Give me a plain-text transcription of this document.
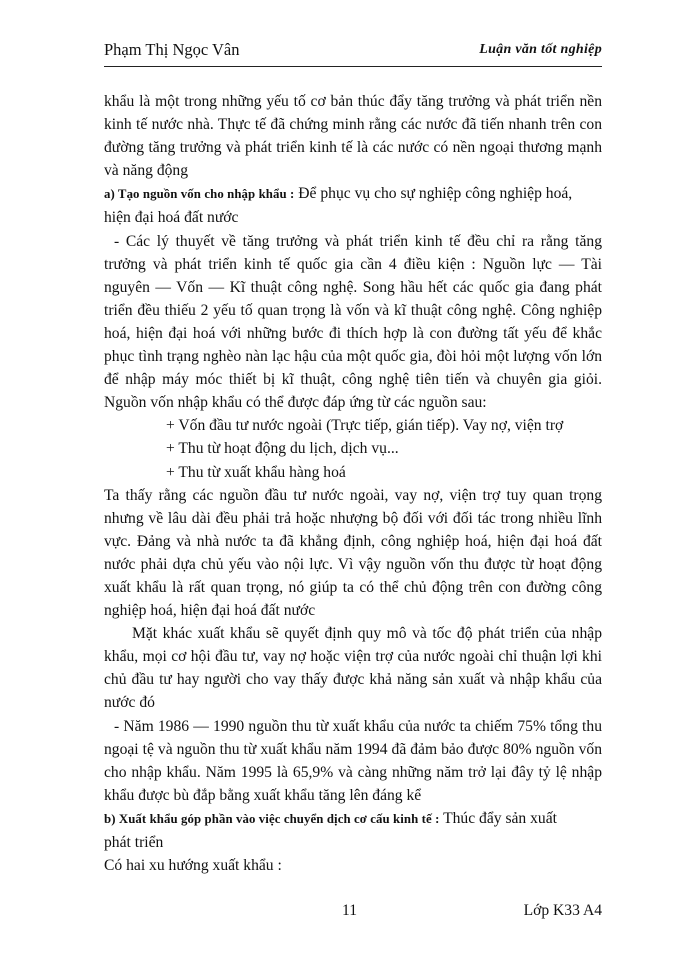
Phạm Thị Ngọc Vân	Luận văn tốt nghiệp

khẩu là một trong những yếu tố cơ bản thúc đẩy tăng trưởng và phát triển nền kinh tế nước nhà. Thực tế đã chứng minh rằng các nước đã tiến nhanh trên con đường tăng trưởng và phát triển kinh tế là các nước có nền ngoại thương mạnh và năng động

a) Tạo nguồn vốn cho nhập khẩu : Để phục vụ cho sự nghiệp công nghiệp hoá,

hiện đại hoá đất nước

- Các lý thuyết về tăng trưởng và phát triển kinh tế đều chỉ ra rằng tăng trưởng và phát triển kinh tế quốc gia cần 4 điều kiện : Nguồn lực — Tài nguyên — Vốn — Kĩ thuật công nghệ. Song hầu hết các quốc gia đang phát triển đều thiếu 2 yếu tố quan trọng là vốn và kĩ thuật công nghệ. Công nghiệp hoá, hiện đại hoá với những bước đi thích hợp là con đường tất yếu để khắc phục tình trạng nghèo nàn lạc hậu của một quốc gia, đòi hỏi một lượng vốn lớn để nhập máy móc thiết bị kĩ thuật, công nghệ tiên tiến và chuyên gia giỏi. Nguồn vốn nhập khẩu có thể được đáp ứng từ các nguồn sau:

+ Vốn đầu tư nước ngoài (Trực tiếp, gián tiếp). Vay nợ, viện trợ

+ Thu từ hoạt động du lịch, dịch vụ...

+ Thu từ xuất khẩu hàng hoá

Ta thấy rằng các nguồn đầu tư nước ngoài, vay nợ, viện trợ tuy quan trọng nhưng về lâu dài đều phải trả hoặc nhượng bộ đối với đối tác trong nhiều lĩnh vực. Đảng và nhà nước ta đã khẳng định, công nghiệp hoá, hiện đại hoá đất nước phải dựa chủ yếu vào nội lực. Vì vậy nguồn vốn thu được từ hoạt động xuất khẩu là rất quan trọng, nó giúp ta có thể chủ động trên con đường công nghiệp hoá, hiện đại hoá đất nước

Mặt khác xuất khẩu sẽ quyết định quy mô và tốc độ phát triển của nhập khẩu, mọi cơ hội đầu tư, vay nợ hoặc viện trợ của nước ngoài chỉ thuận lợi khi chủ đầu tư hay người cho vay thấy được khả năng sản xuất và nhập khẩu của nước đó

- Năm 1986 — 1990 nguồn thu từ xuất khẩu của nước ta chiếm 75% tổng thu ngoại tệ và nguồn thu từ xuất khẩu năm 1994 đã đảm bảo được 80% nguồn vốn cho nhập khẩu. Năm 1995 là 65,9% và càng những năm trở lại đây tỷ lệ nhập khẩu được bù đắp bằng xuất khẩu tăng lên đáng kể

b) Xuất khẩu góp phần vào việc chuyển dịch cơ cấu kinh tế : Thúc đẩy sản xuất

phát triển

Có hai xu hướng xuất khẩu :

11	Lớp K33 A4
